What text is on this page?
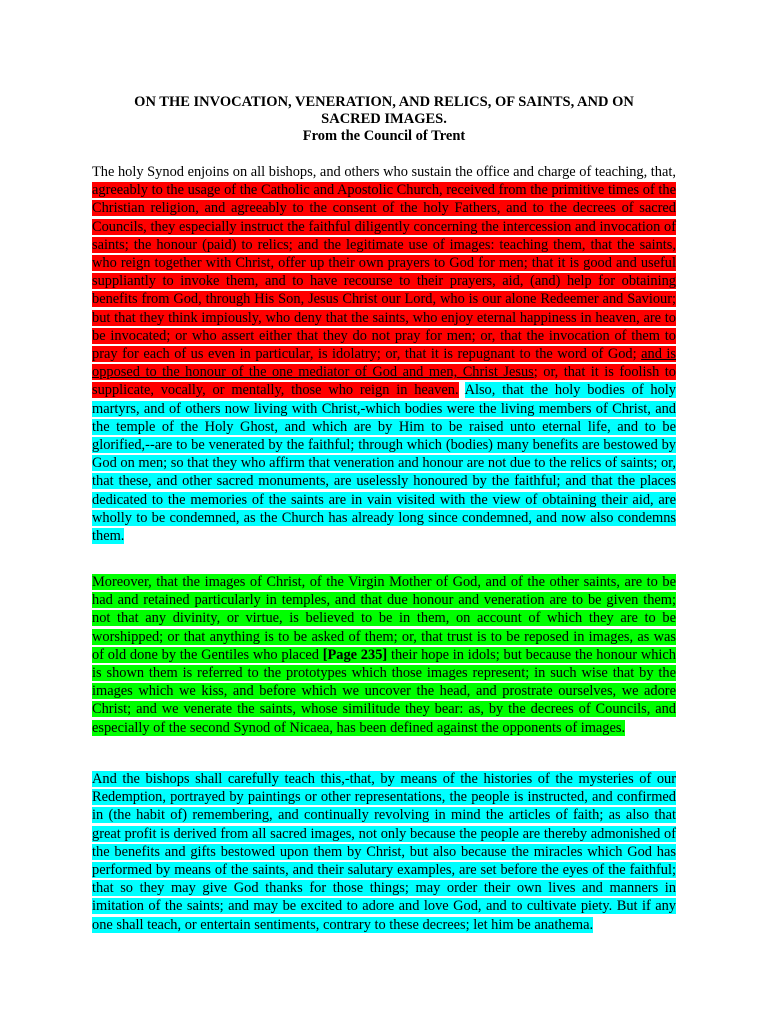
ON THE INVOCATION, VENERATION, AND RELICS, OF SAINTS, AND ON
SACRED IMAGES.
From the Council of Trent
The holy Synod enjoins on all bishops, and others who sustain the office and charge of teaching, that, agreeably to the usage of the Catholic and Apostolic Church, received from the primitive times of the Christian religion, and agreeably to the consent of the holy Fathers, and to the decrees of sacred Councils, they especially instruct the faithful diligently concerning the intercession and invocation of saints; the honour (paid) to relics; and the legitimate use of images: teaching them, that the saints, who reign together with Christ, offer up their own prayers to God for men; that it is good and useful suppliantly to invoke them, and to have recourse to their prayers, aid, (and) help for obtaining benefits from God, through His Son, Jesus Christ our Lord, who is our alone Redeemer and Saviour; but that they think impiously, who deny that the saints, who enjoy eternal happiness in heaven, are to be invocated; or who assert either that they do not pray for men; or, that the invocation of them to pray for each of us even in particular, is idolatry; or, that it is repugnant to the word of God; and is opposed to the honour of the one mediator of God and men, Christ Jesus; or, that it is foolish to supplicate, vocally, or mentally, those who reign in heaven. Also, that the holy bodies of holy martyrs, and of others now living with Christ,-which bodies were the living members of Christ, and the temple of the Holy Ghost, and which are by Him to be raised unto eternal life, and to be glorified,--are to be venerated by the faithful; through which (bodies) many benefits are bestowed by God on men; so that they who affirm that veneration and honour are not due to the relics of saints; or, that these, and other sacred monuments, are uselessly honoured by the faithful; and that the places dedicated to the memories of the saints are in vain visited with the view of obtaining their aid, are wholly to be condemned, as the Church has already long since condemned, and now also condemns them.
Moreover, that the images of Christ, of the Virgin Mother of God, and of the other saints, are to be had and retained particularly in temples, and that due honour and veneration are to be given them; not that any divinity, or virtue, is believed to be in them, on account of which they are to be worshipped; or that anything is to be asked of them; or, that trust is to be reposed in images, as was of old done by the Gentiles who placed [Page 235] their hope in idols; but because the honour which is shown them is referred to the prototypes which those images represent; in such wise that by the images which we kiss, and before which we uncover the head, and prostrate ourselves, we adore Christ; and we venerate the saints, whose similitude they bear: as, by the decrees of Councils, and especially of the second Synod of Nicaea, has been defined against the opponents of images.
And the bishops shall carefully teach this,-that, by means of the histories of the mysteries of our Redemption, portrayed by paintings or other representations, the people is instructed, and confirmed in (the habit of) remembering, and continually revolving in mind the articles of faith; as also that great profit is derived from all sacred images, not only because the people are thereby admonished of the benefits and gifts bestowed upon them by Christ, but also because the miracles which God has performed by means of the saints, and their salutary examples, are set before the eyes of the faithful; that so they may give God thanks for those things; may order their own lives and manners in imitation of the saints; and may be excited to adore and love God, and to cultivate piety. But if any one shall teach, or entertain sentiments, contrary to these decrees; let him be anathema.
